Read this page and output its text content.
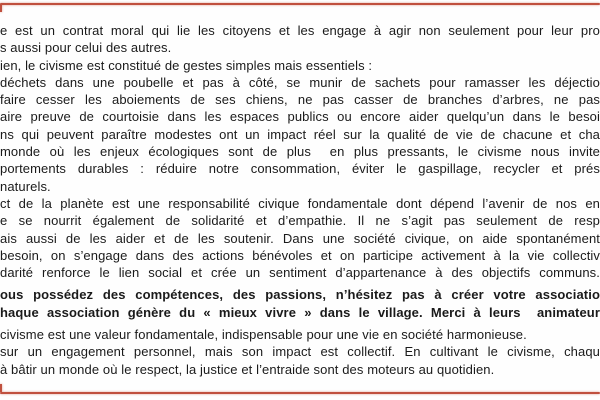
e est un contrat moral qui lie les citoyens et les engage à agir non seulement pour leur pro
s aussi pour celui des autres.
ien, le civisme est constitué de gestes simples mais essentiels :
déchets dans une poubelle et pas à côté, se munir de sachets pour ramasser les déjectio
faire cesser les aboiements de ses chiens, ne pas casser de branches d’arbres, ne pas
aire preuve de courtoisie dans les espaces publics ou encore aider quelqu’un dans le besoi
ns qui peuvent paraître modestes ont un impact réel sur la qualité de vie de chacune et cha
monde où les enjeux écologiques sont de plus  en plus pressants, le civisme nous invite
portements durables : réduire notre consommation, éviter le gaspillage, recycler et prés
naturels.
ct de la planète est une responsabilité civique fondamentale dont dépend l’avenir de nos en
e se nourrit également de solidarité et d’empathie. Il ne s’agit pas seulement de resp
ais aussi de les aider et de les soutenir. Dans une société civique, on aide spontanément
besoin, on s’engage dans des actions bénévoles et on participe activement à la vie collectiv
darité renforce le lien social et crée un sentiment d’appartenance à des objectifs communs.
ous possédez des compétences, des passions, n’hésitez pas à créer votre associatio
haque association génère du « mieux vivre » dans le village. Merci à leurs  animateur
civisme est une valeur fondamentale, indispensable pour une vie en société harmonieuse.
sur un engagement personnel, mais son impact est collectif. En cultivant le civisme, chaqu
à bâtir un monde où le respect, la justice et l’entraide sont des moteurs au quotidien.
